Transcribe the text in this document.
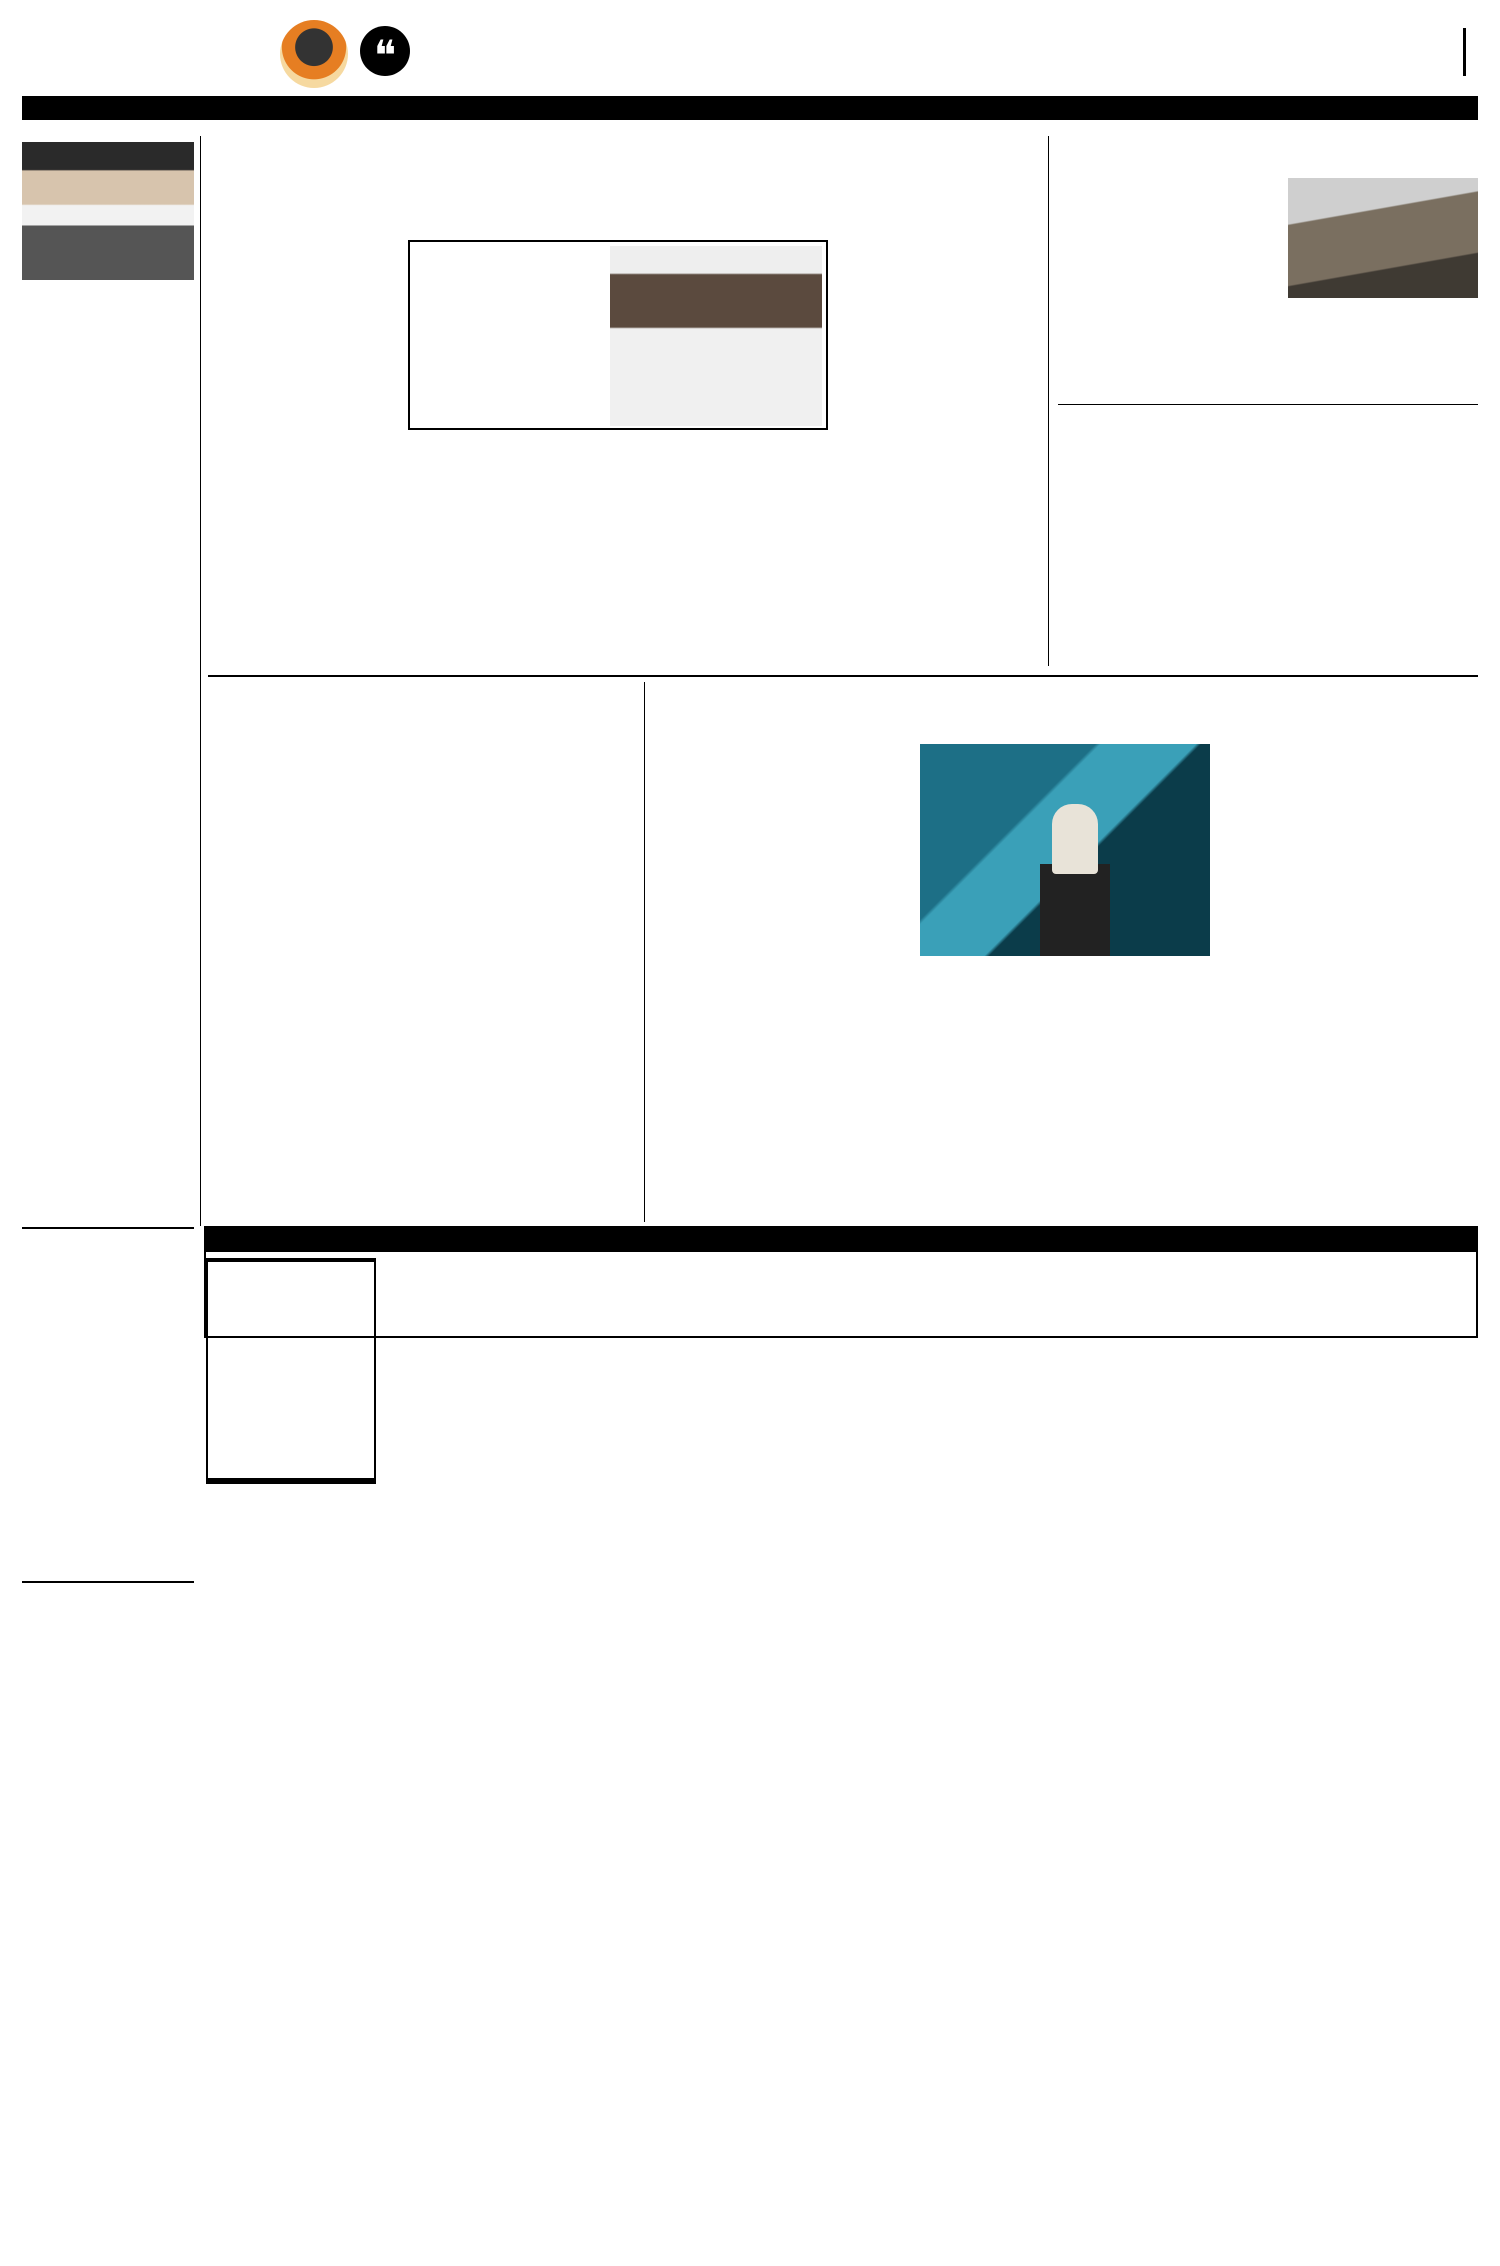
❝
